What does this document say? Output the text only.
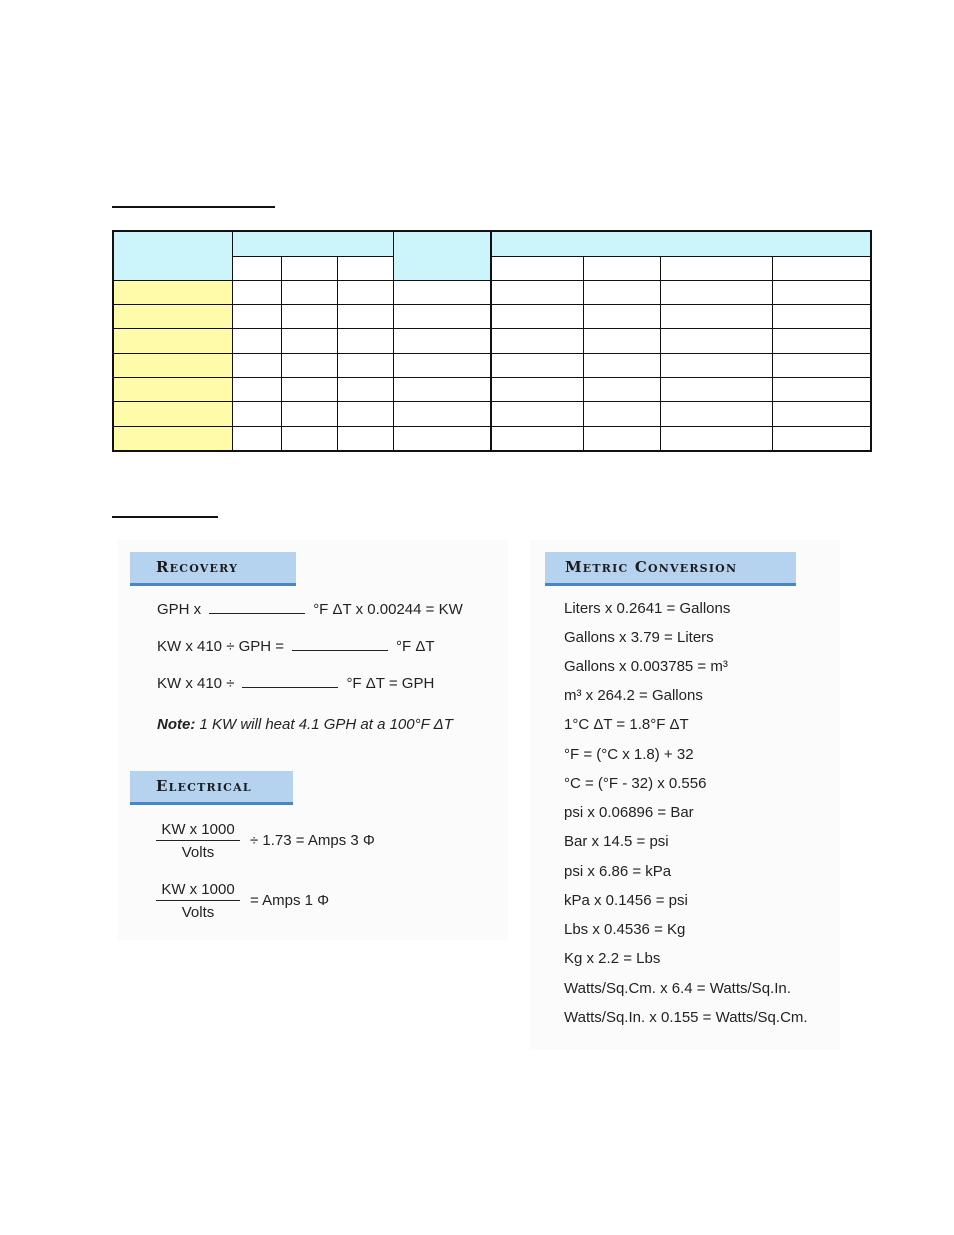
Recovery
GPH x	°F ΔT x 0.00244 = KW
KW x 410 ÷ GPH =	°F ΔT
KW x 410 ÷	°F ΔT = GPH
Note: 1 KW will heat 4.1 GPH at a 100°F ΔT
Electrical
KW x 1000
Volts
÷ 1.73 = Amps 3 Φ
KW x 1000
Volts
= Amps 1 Φ
Metric Conversion
Liters x 0.2641 = Gallons
Gallons x 3.79 = Liters
Gallons x 0.003785 = m³
m³ x 264.2 = Gallons
1°C ΔT = 1.8°F ΔT
°F = (°C x 1.8) + 32
°C = (°F - 32) x 0.556
psi x 0.06896 = Bar
Bar x 14.5 = psi
psi x 6.86 = kPa
kPa x 0.1456 = psi
Lbs x 0.4536 = Kg
Kg x 2.2 = Lbs
Watts/Sq.Cm. x 6.4 = Watts/Sq.In.
Watts/Sq.In. x 0.155 = Watts/Sq.Cm.
